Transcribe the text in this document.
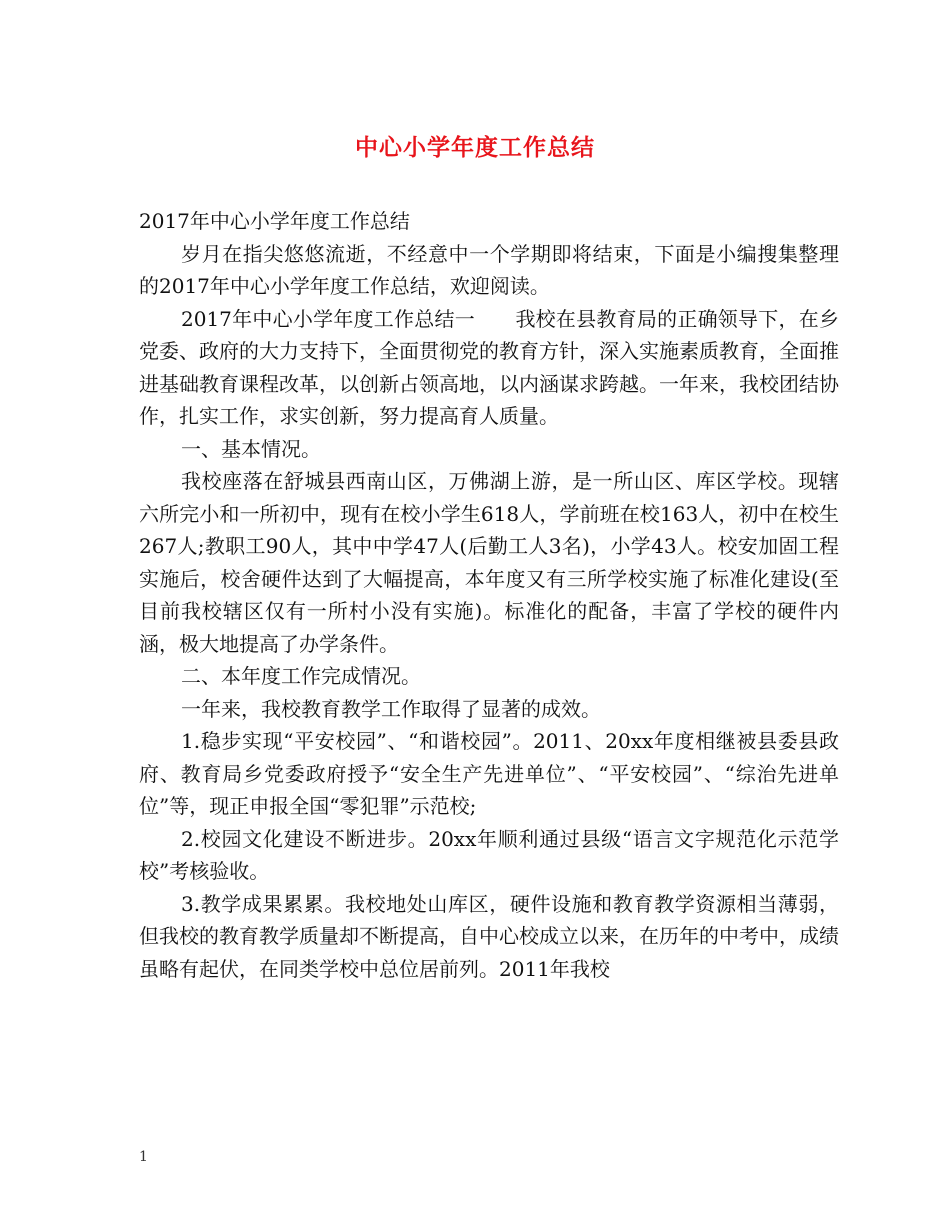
中心小学年度工作总结

2017年中心小学年度工作总结

岁月在指尖悠悠流逝，不经意中一个学期即将结束，下面是小编搜集整理的2017年中心小学年度工作总结，欢迎阅读。

2017年中心小学年度工作总结一　　我校在县教育局的正确领导下，在乡党委、政府的大力支持下，全面贯彻党的教育方针，深入实施素质教育，全面推进基础教育课程改革，以创新占领高地，以内涵谋求跨越。一年来，我校团结协作，扎实工作，求实创新，努力提高育人质量。

一、基本情况。

我校座落在舒城县西南山区，万佛湖上游，是一所山区、库区学校。现辖六所完小和一所初中，现有在校小学生618人，学前班在校163人，初中在校生267人;教职工90人，其中中学47人(后勤工人3名)，小学43人。校安加固工程实施后，校舍硬件达到了大幅提高，本年度又有三所学校实施了标准化建设(至目前我校辖区仅有一所村小没有实施)。标准化的配备，丰富了学校的硬件内涵，极大地提高了办学条件。

二、本年度工作完成情况。

一年来，我校教育教学工作取得了显著的成效。

1.稳步实现“平安校园”、“和谐校园”。2011、20xx年度相继被县委县政府、教育局乡党委政府授予“安全生产先进单位”、“平安校园”、“综治先进单位”等，现正申报全国“零犯罪”示范校;

2.校园文化建设不断进步。20xx年顺利通过县级“语言文字规范化示范学校”考核验收。

3.教学成果累累。我校地处山库区，硬件设施和教育教学资源相当薄弱，但我校的教育教学质量却不断提高，自中心校成立以来，在历年的中考中，成绩虽略有起伏，在同类学校中总位居前列。2011年我校

1
